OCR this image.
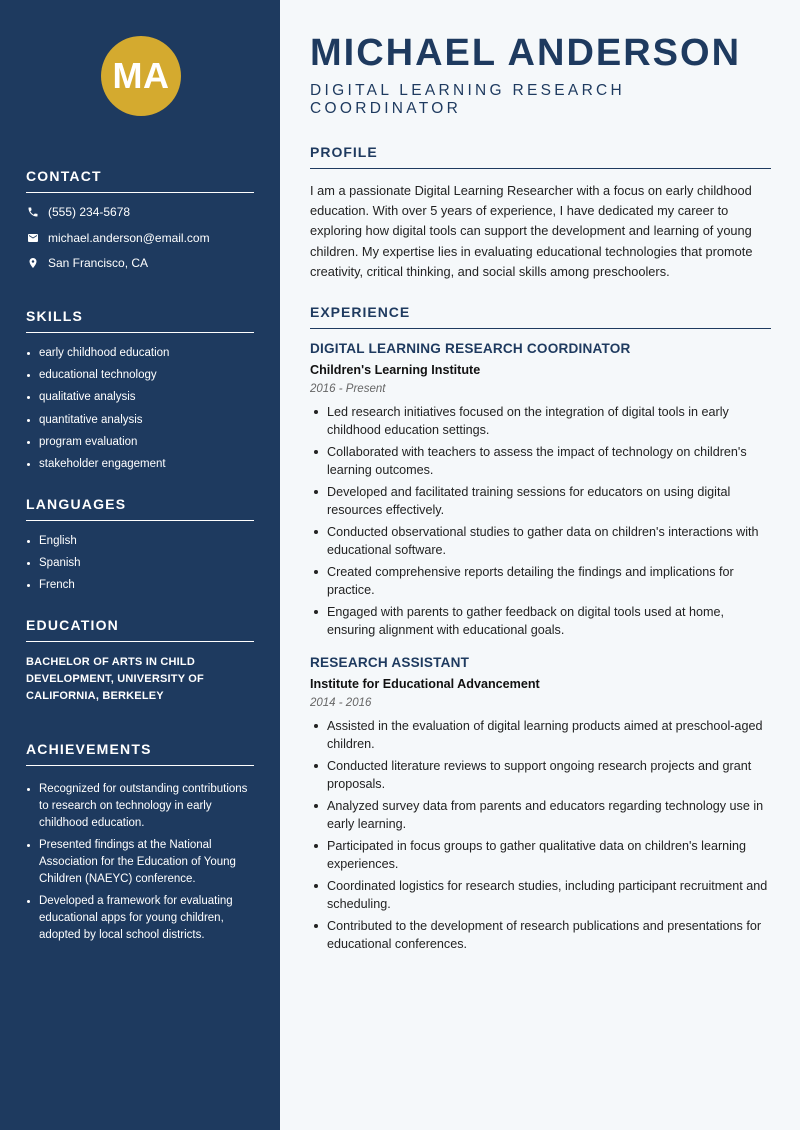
MA
CONTACT
(555) 234-5678
michael.anderson@email.com
San Francisco, CA
SKILLS
early childhood education
educational technology
qualitative analysis
quantitative analysis
program evaluation
stakeholder engagement
LANGUAGES
English
Spanish
French
EDUCATION
BACHELOR OF ARTS IN CHILD DEVELOPMENT, UNIVERSITY OF CALIFORNIA, BERKELEY
ACHIEVEMENTS
Recognized for outstanding contributions to research on technology in early childhood education.
Presented findings at the National Association for the Education of Young Children (NAEYC) conference.
Developed a framework for evaluating educational apps for young children, adopted by local school districts.
MICHAEL ANDERSON
DIGITAL LEARNING RESEARCH COORDINATOR
PROFILE

I am a passionate Digital Learning Researcher with a focus on early childhood education. With over 5 years of experience, I have dedicated my career to exploring how digital tools can support the development and learning of young children. My expertise lies in evaluating educational technologies that promote creativity, critical thinking, and social skills among preschoolers.

EXPERIENCE
DIGITAL LEARNING RESEARCH COORDINATOR
Children's Learning Institute
2016 - Present
Led research initiatives focused on the integration of digital tools in early childhood education settings.
Collaborated with teachers to assess the impact of technology on children's learning outcomes.
Developed and facilitated training sessions for educators on using digital resources effectively.
Conducted observational studies to gather data on children's interactions with educational software.
Created comprehensive reports detailing the findings and implications for practice.
Engaged with parents to gather feedback on digital tools used at home, ensuring alignment with educational goals.
RESEARCH ASSISTANT
Institute for Educational Advancement
2014 - 2016
Assisted in the evaluation of digital learning products aimed at preschool-aged children.
Conducted literature reviews to support ongoing research projects and grant proposals.
Analyzed survey data from parents and educators regarding technology use in early learning.
Participated in focus groups to gather qualitative data on children's learning experiences.
Coordinated logistics for research studies, including participant recruitment and scheduling.
Contributed to the development of research publications and presentations for educational conferences.
